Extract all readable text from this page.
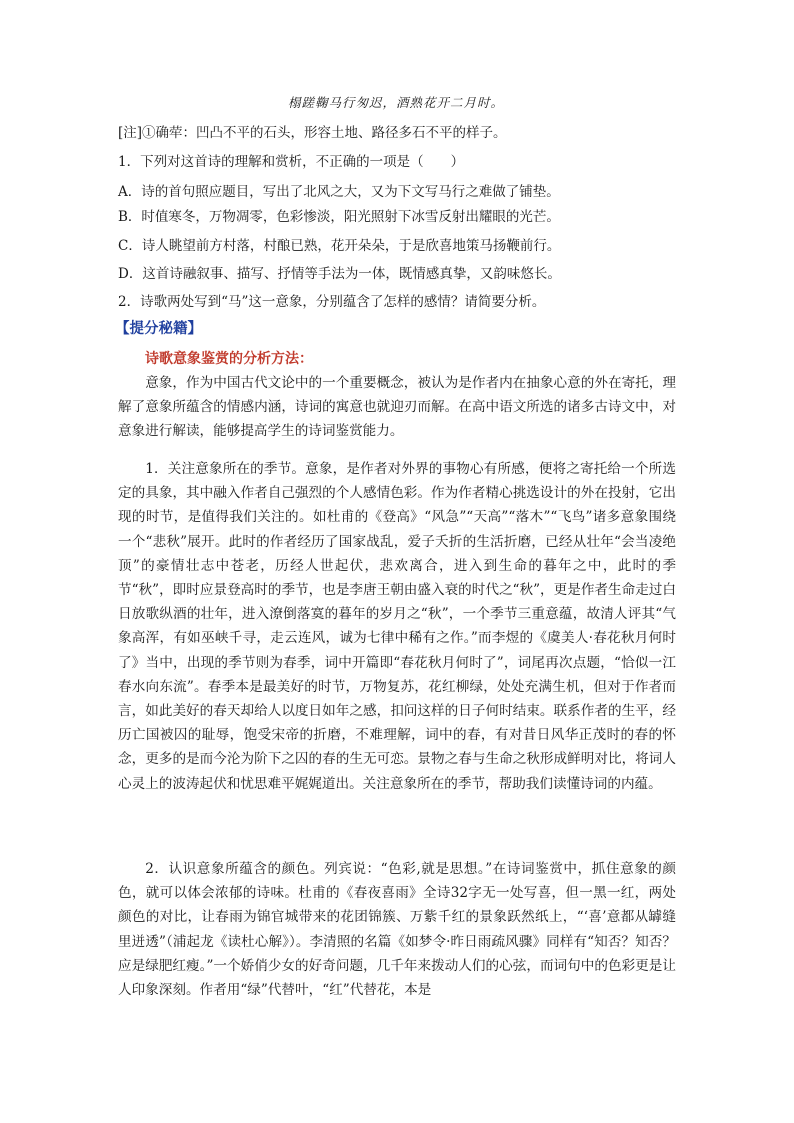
榻蹉鞠马行匆迟，酒熟花开二月时。
[注]①确荦：凹凸不平的石头，形容土地、路径多石不平的样子。
1．下列对这首诗的理解和赏析，不正确的一项是（　　）
A．诗的首句照应题目，写出了北风之大，又为下文写马行之难做了铺垫。
B．时值寒冬，万物凋零，色彩惨淡，阳光照射下冰雪反射出耀眼的光芒。
C．诗人眺望前方村落，村酿已熟，花开朵朵，于是欣喜地策马扬鞭前行。
D．这首诗融叙事、描写、抒情等手法为一体，既情感真挚，又韵味悠长。
2．诗歌两处写到“马”这一意象，分别蕴含了怎样的感情？请简要分析。
【提分秘籍】
诗歌意象鉴赏的分析方法：

意象，作为中国古代文论中的一个重要概念，被认为是作者内在抽象心意的外在寄托，理解了意象所蕴含的情感内涵，诗词的寓意也就迎刃而解。在高中语文所选的诸多古诗文中，对意象进行解读，能够提高学生的诗词鉴赏能力。

1．关注意象所在的季节。意象，是作者对外界的事物心有所感，便将之寄托给一个所选定的具象，其中融入作者自己强烈的个人感情色彩。作为作者精心挑选设计的外在投射，它出现的时节，是值得我们关注的。如杜甫的《登高》“风急”“天高”“落木”“飞鸟”诸多意象围绕一个“悲秋”展开。此时的作者经历了国家战乱，爱子夭折的生活折磨，已经从壮年“会当凌绝顶”的豪情壮志中苍老，历经人世起伏，悲欢离合，进入到生命的暮年之中，此时的季节“秋”，即时应景登高时的季节，也是李唐王朝由盛入衰的时代之“秋”，更是作者生命走过白日放歌纵酒的壮年，进入潦倒落寞的暮年的岁月之“秋”，一个季节三重意蕴，故清人评其“气象高浑，有如巫峡千寻，走云连风，诚为七律中稀有之作。”而李煜的《虞美人·春花秋月何时了》当中，出现的季节则为春季，词中开篇即“春花秋月何时了”，词尾再次点题，“恰似一江春水向东流”。春季本是最美好的时节，万物复苏，花红柳绿，处处充满生机，但对于作者而言，如此美好的春天却给人以度日如年之感，扣问这样的日子何时结束。联系作者的生平，经历亡国被囚的耻辱，饱受宋帝的折磨，不难理解，词中的春，有对昔日风华正茂时的春的怀念，更多的是而今沦为阶下之囚的春的生无可恋。景物之春与生命之秋形成鲜明对比，将词人心灵上的波涛起伏和忧思难平娓娓道出。关注意象所在的季节，帮助我们读懂诗词的内蕴。

2．认识意象所蕴含的颜色。列宾说：“色彩,就是思想。”在诗词鉴赏中，抓住意象的颜色，就可以体会浓郁的诗味。杜甫的《春夜喜雨》全诗32字无一处写喜，但一黑一红，两处颜色的对比，让春雨为锦官城带来的花团锦簇、万紫千红的景象跃然纸上，“‘喜’意都从罅缝里迸透”（浦起龙《读杜心解》）。李清照的名篇《如梦令·昨日雨疏风骤》同样有“知否？知否？应是绿肥红瘦。”一个娇俏少女的好奇问题，几千年来拨动人们的心弦，而词句中的色彩更是让人印象深刻。作者用“绿”代替叶，“红”代替花，本是
